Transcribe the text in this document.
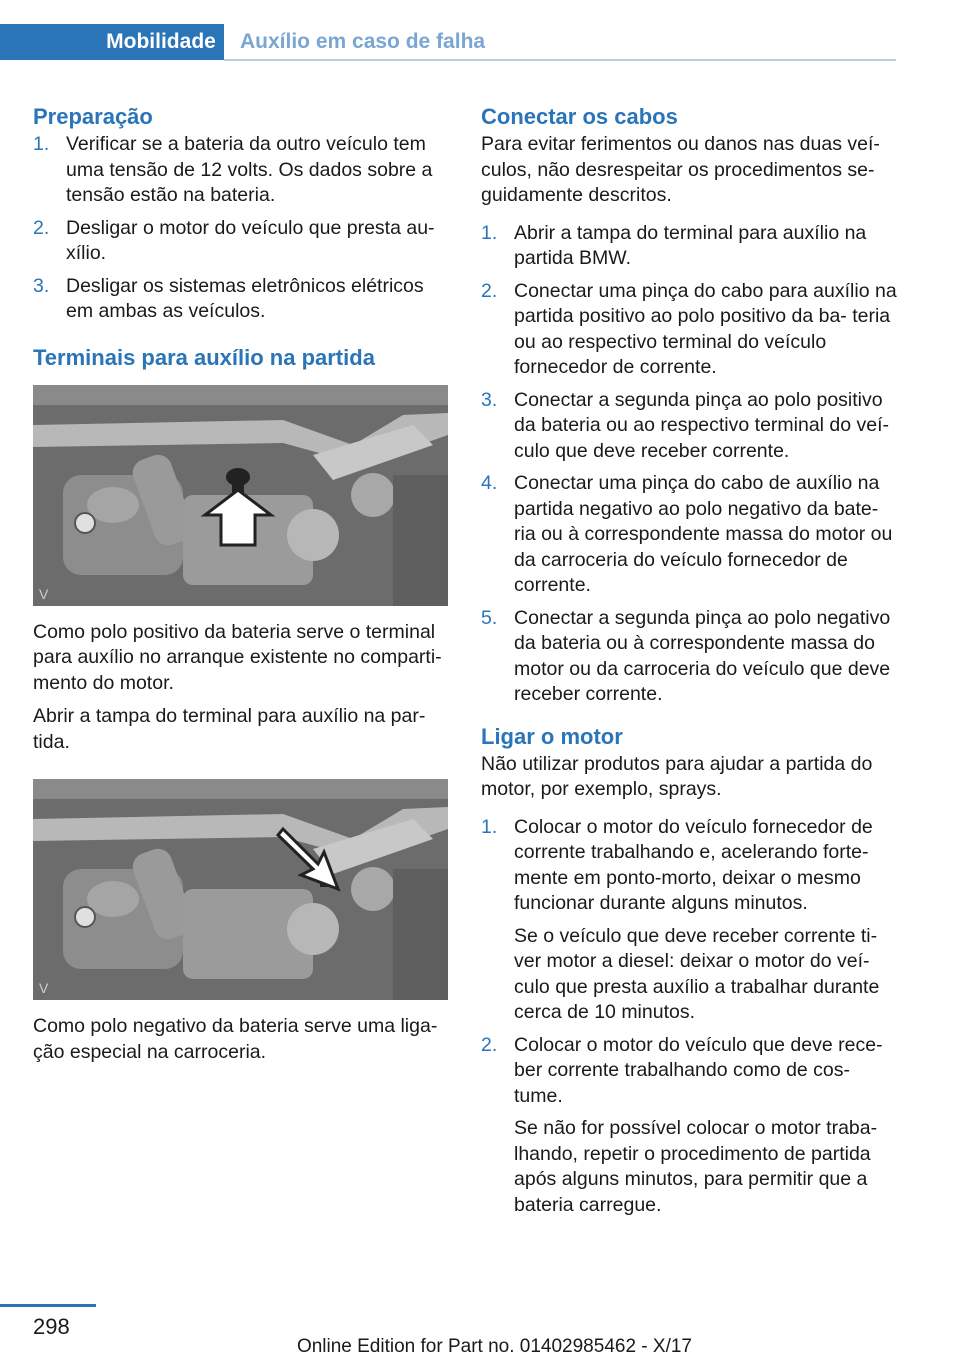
Mobilidade	Auxílio em caso de falha
Preparação
1. Verificar se a bateria da outro veículo tem uma tensão de 12 volts. Os dados sobre a tensão estão na bateria.
2. Desligar o motor do veículo que presta au‐ xílio.
3. Desligar os sistemas eletrônicos elétricos em ambas as veículos.
Terminais para auxílio na partida
V

Como polo positivo da bateria serve o terminal para auxílio no arranque existente no comparti‐ mento do motor.

Abrir a tampa do terminal para auxílio na par‐ tida.

V

Como polo negativo da bateria serve uma liga‐ ção especial na carroceria.

Conectar os cabos

Para evitar ferimentos ou danos nas duas veí‐ culos, não desrespeitar os procedimentos se‐ guidamente descritos.

1. Abrir a tampa do terminal para auxílio na partida BMW.
2. Conectar uma pinça do cabo para auxílio na partida positivo ao polo positivo da ba‐ teria ou ao respectivo terminal do veículo fornecedor de corrente.
3. Conectar a segunda pinça ao polo positivo da bateria ou ao respectivo terminal do veí‐ culo que deve receber corrente.
4. Conectar uma pinça do cabo de auxílio na partida negativo ao polo negativo da bate‐ ria ou à correspondente massa do motor ou da carroceria do veículo fornecedor de corrente.
5. Conectar a segunda pinça ao polo negativo da bateria ou à correspondente massa do motor ou da carroceria do veículo que deve receber corrente.
Ligar o motor

Não utilizar produtos para ajudar a partida do motor, por exemplo, sprays.

1. Colocar o motor do veículo fornecedor de corrente trabalhando e, acelerando forte‐ mente em ponto-morto, deixar o mesmo funcionar durante alguns minutos.
Se o veículo que deve receber corrente ti‐ ver motor a diesel: deixar o motor do veí‐ culo que presta auxílio a trabalhar durante cerca de 10 minutos.
2. Colocar o motor do veículo que deve rece‐ ber corrente trabalhando como de cos‐ tume.
Se não for possível colocar o motor traba‐ lhando, repetir o procedimento de partida após alguns minutos, para permitir que a bateria carregue.
298
Online Edition for Part no. 01402985462 - X/17
